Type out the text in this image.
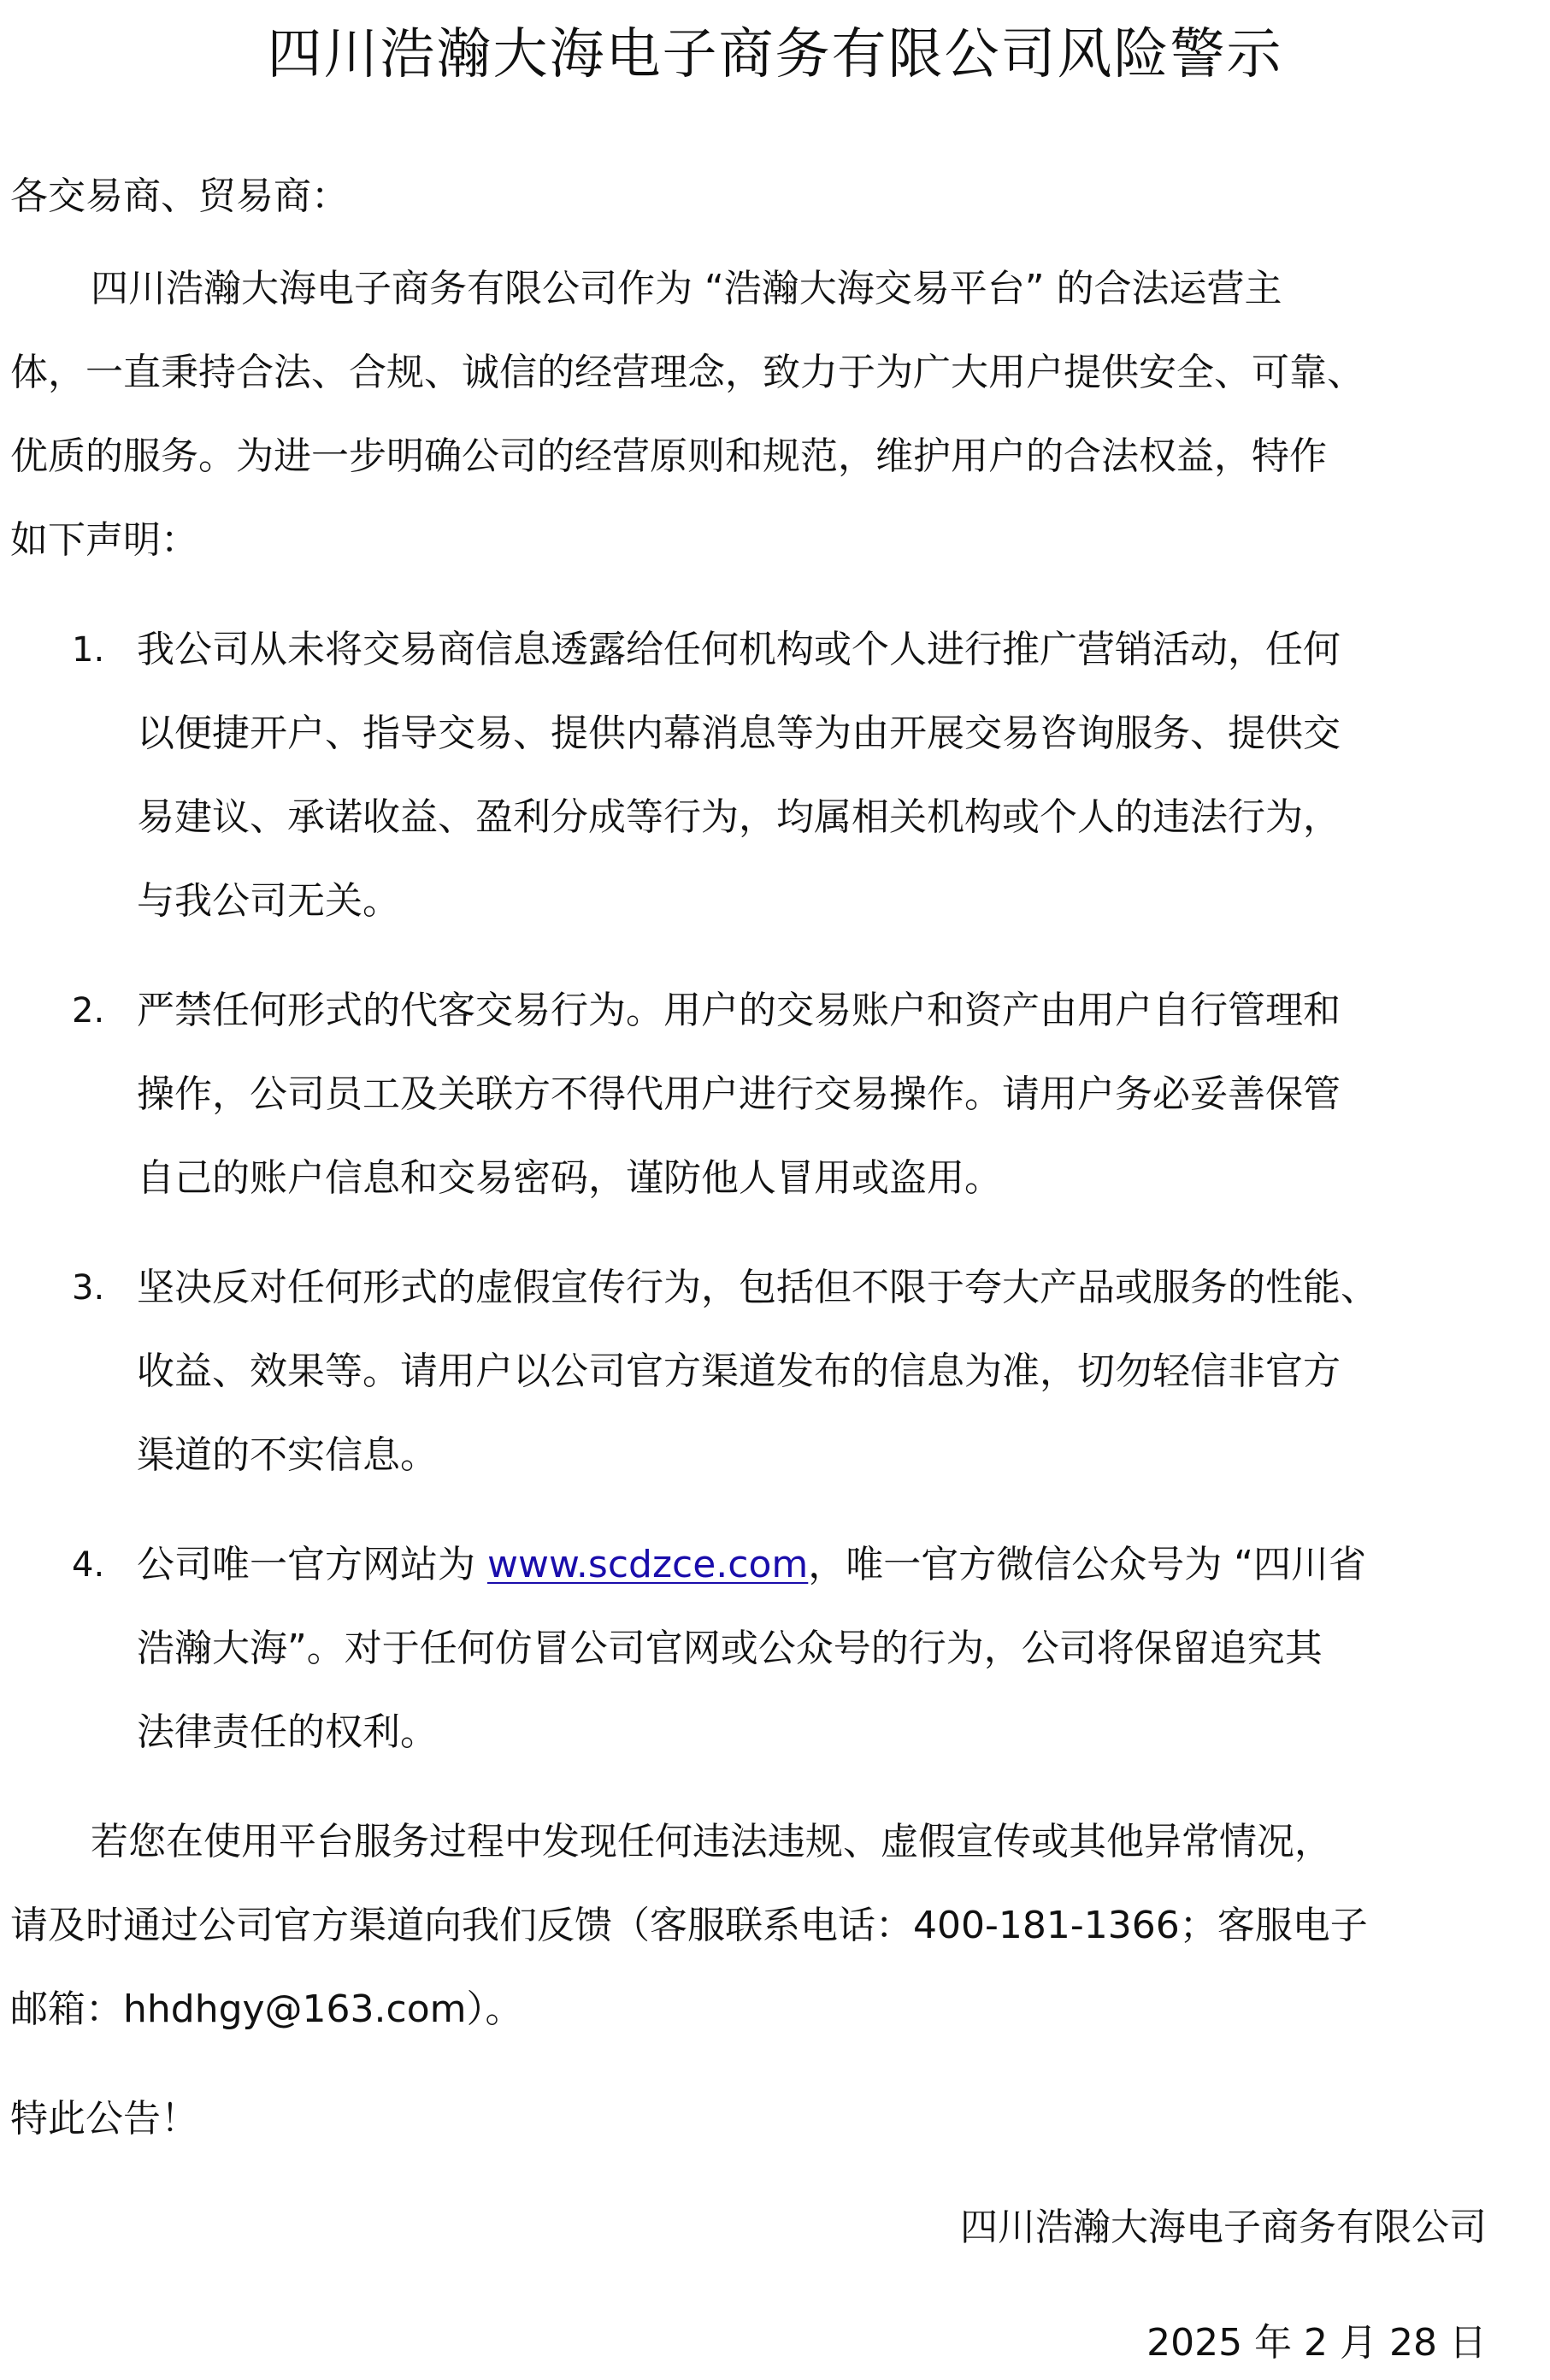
四川浩瀚大海电子商务有限公司风险警示
各交易商、贸易商：
四川浩瀚大海电子商务有限公司作为 “浩瀚大海交易平台” 的合法运营主
体，一直秉持合法、合规、诚信的经营理念，致力于为广大用户提供安全、可靠、
优质的服务。为进一步明确公司的经营原则和规范，维护用户的合法权益，特作
如下声明：
1. 我公司从未将交易商信息透露给任何机构或个人进行推广营销活动，任何
以便捷开户、指导交易、提供内幕消息等为由开展交易咨询服务、提供交
易建议、承诺收益、盈利分成等行为，均属相关机构或个人的违法行为，
与我公司无关。
2. 严禁任何形式的代客交易行为。用户的交易账户和资产由用户自行管理和
操作，公司员工及关联方不得代用户进行交易操作。请用户务必妥善保管
自己的账户信息和交易密码，谨防他人冒用或盗用。
3. 坚决反对任何形式的虚假宣传行为，包括但不限于夸大产品或服务的性能、
收益、效果等。请用户以公司官方渠道发布的信息为准，切勿轻信非官方
渠道的不实信息。
4. 公司唯一官方网站为 www.scdzce.com，唯一官方微信公众号为 “四川省
浩瀚大海”。对于任何仿冒公司官网或公众号的行为，公司将保留追究其
法律责任的权利。
若您在使用平台服务过程中发现任何违法违规、虚假宣传或其他异常情况，
请及时通过公司官方渠道向我们反馈（客服联系电话：400-181-1366；客服电子
邮箱：hhdhgy@163.com）。
特此公告！
四川浩瀚大海电子商务有限公司
2025 年 2 月 28 日
